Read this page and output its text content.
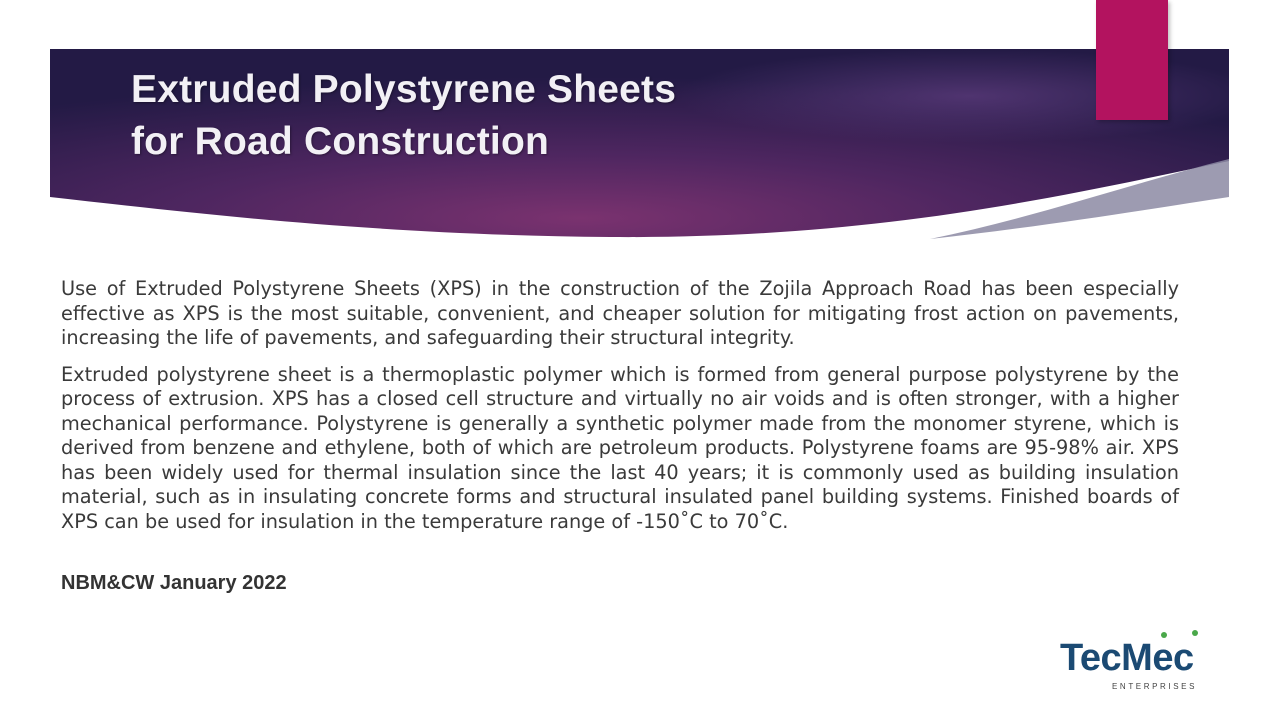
Extruded Polystyrene Sheets
for Road Construction

Use of Extruded Polystyrene Sheets (XPS) in the construction of the Zojila Approach Road has been especially effective as XPS is the most suitable, convenient, and cheaper solution for mitigating frost action on pavements, increasing the life of pavements, and safeguarding their structural integrity.

Extruded polystyrene sheet is a thermoplastic polymer which is formed from general purpose polystyrene by the process of extrusion. XPS has a closed cell structure and virtually no air voids and is often stronger, with a higher mechanical performance. Polystyrene is generally a synthetic polymer made from the monomer styrene, which is derived from benzene and ethylene, both of which are petroleum products. Polystyrene foams are 95-98% air. XPS has been widely used for thermal insulation since the last 40 years; it is commonly used as building insulation material, such as in insulating concrete forms and structural insulated panel building systems. Finished boards of XPS can be used for insulation in the temperature range of -150˚C to 70˚C.

NBM&CW January 2022

TecMec

ENTERPRISES
